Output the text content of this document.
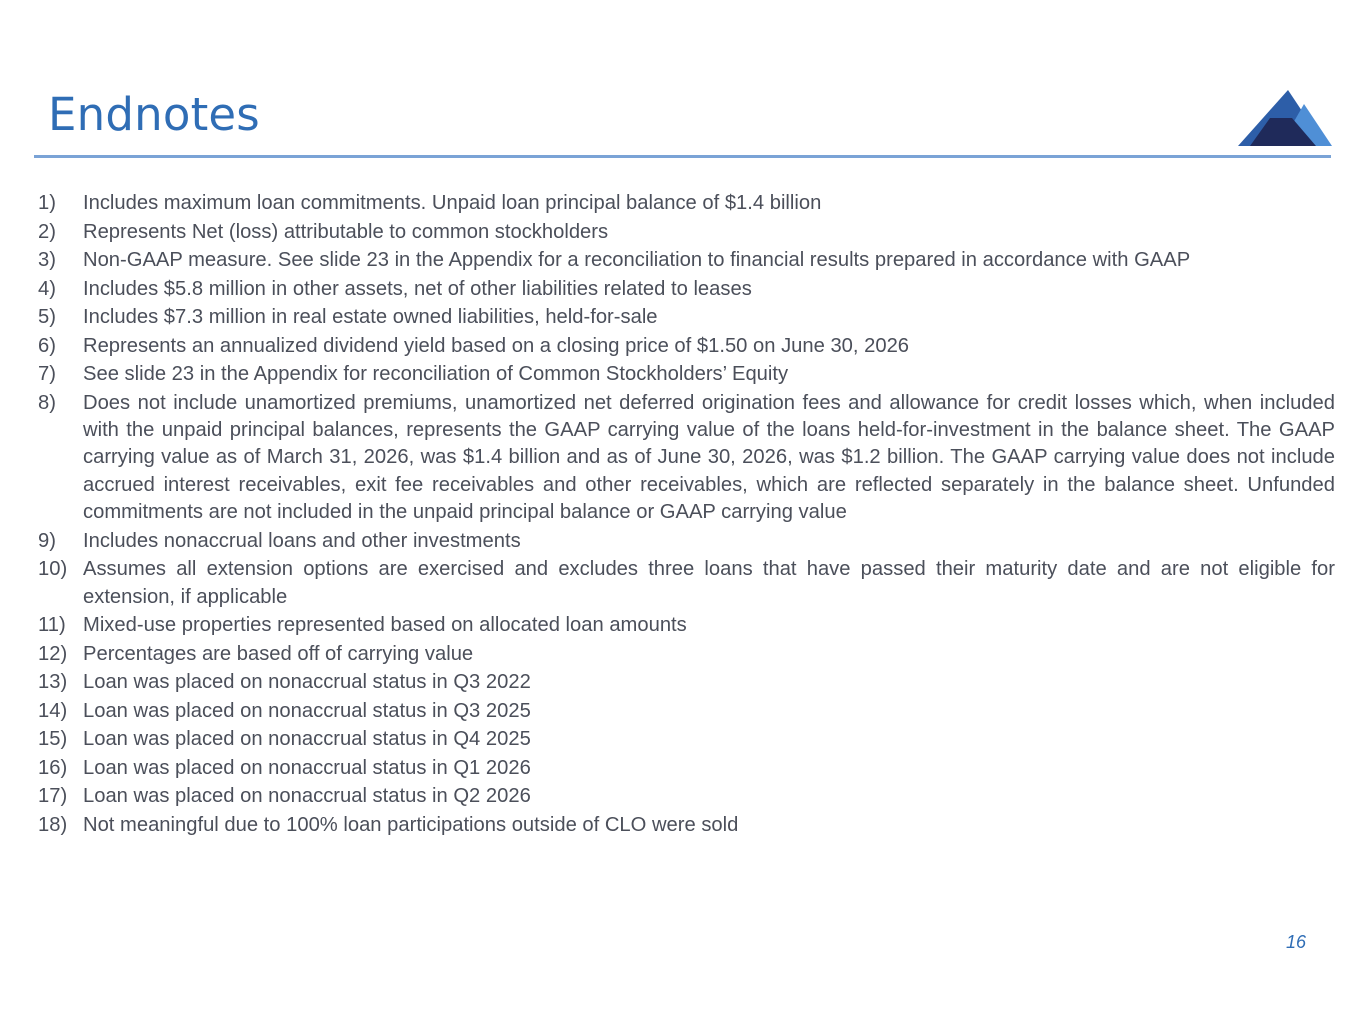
Endnotes
1)	Includes maximum loan commitments. Unpaid loan principal balance of $1.4 billion
2)	Represents Net (loss) attributable to common stockholders
3)	Non-GAAP measure. See slide 23 in the Appendix for a reconciliation to financial results prepared in accordance with GAAP
4)	Includes $5.8 million in other assets, net of other liabilities related to leases
5)	Includes $7.3 million in real estate owned liabilities, held-for-sale
6)	Represents an annualized dividend yield based on a closing price of $1.50 on June 30, 2026
7)	See slide 23 in the Appendix for reconciliation of Common Stockholders’ Equity
8)	Does not include unamortized premiums, unamortized net deferred origination fees and allowance for credit losses which, when included with the unpaid principal balances, represents the GAAP carrying value of the loans held-for-investment in the balance sheet. The GAAP carrying value as of March 31, 2026, was $1.4 billion and as of June 30, 2026, was $1.2 billion. The GAAP carrying value does not include accrued interest receivables, exit fee receivables and other receivables, which are reflected separately in the balance sheet. Unfunded commitments are not included in the unpaid principal balance or GAAP carrying value
9)	Includes nonaccrual loans and other investments
10) Assumes all extension options are exercised and excludes three loans that have passed their maturity date and are not eligible for extension, if applicable
11) Mixed-use properties represented based on allocated loan amounts
12) Percentages are based off of carrying value
13) Loan was placed on nonaccrual status in Q3 2022
14) Loan was placed on nonaccrual status in Q3 2025
15) Loan was placed on nonaccrual status in Q4 2025
16) Loan was placed on nonaccrual status in Q1 2026
17) Loan was placed on nonaccrual status in Q2 2026
18) Not meaningful due to 100% loan participations outside of CLO were sold
16
